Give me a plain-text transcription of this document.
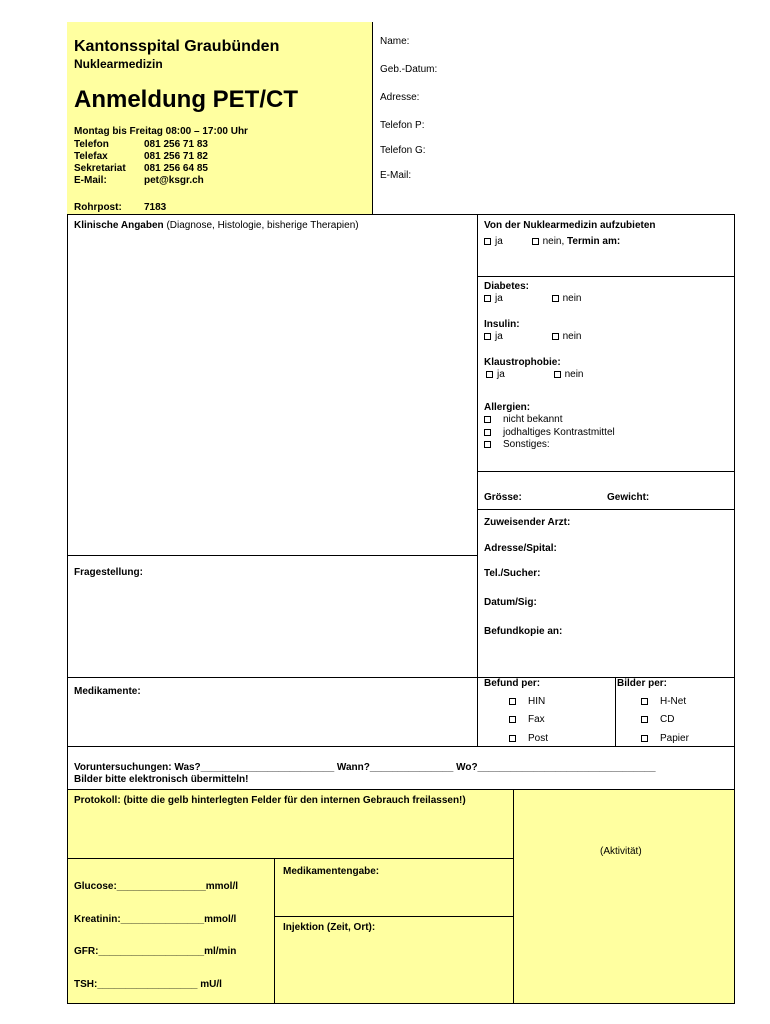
Kantonsspital Graubünden
Nuklearmedizin
Anmeldung PET/CT
Montag bis Freitag 08:00 – 17:00 Uhr
Telefon	081 256 71 83
Telefax	081 256 71 82
Sekretariat 081 256 64 85
E-Mail:	pet@ksgr.ch
Rohrpost: 7183
Name:
Geb.-Datum:
Adresse:
Telefon P:
Telefon G:
E-Mail:
Klinische Angaben (Diagnose, Histologie, bisherige Therapien)	Von der Nuklearmedizin aufzubieten
ja	nein, Termin am:
Diabetes:
ja	nein
Insulin:
ja	nein
Klaustrophobie:
ja	nein
Allergien:
nicht bekannt
jodhaltiges Kontrastmittel
Sonstiges:
Grösse:	Gewicht:
Zuweisender Arzt:
Adresse/Spital:
Tel./Sucher:
Datum/Sig:
Befundkopie an:
Fragestellung:
Medikamente:
Befund per:
HIN
Fax
Post
Bilder per:
H-Net
CD
Papier
Voruntersuchungen: Was?________________________ Wann?_______________ Wo?________________________________
Bilder bitte elektronisch übermitteln!
Protokoll: (bitte die gelb hinterlegten Felder für den internen Gebrauch freilassen!)
(Aktivität)
Glucose:________________mmol/l
Kreatinin:_______________mmol/l
GFR:___________________ml/min
TSH:__________________ mU/l
Medikamentengabe:
Injektion (Zeit, Ort):
